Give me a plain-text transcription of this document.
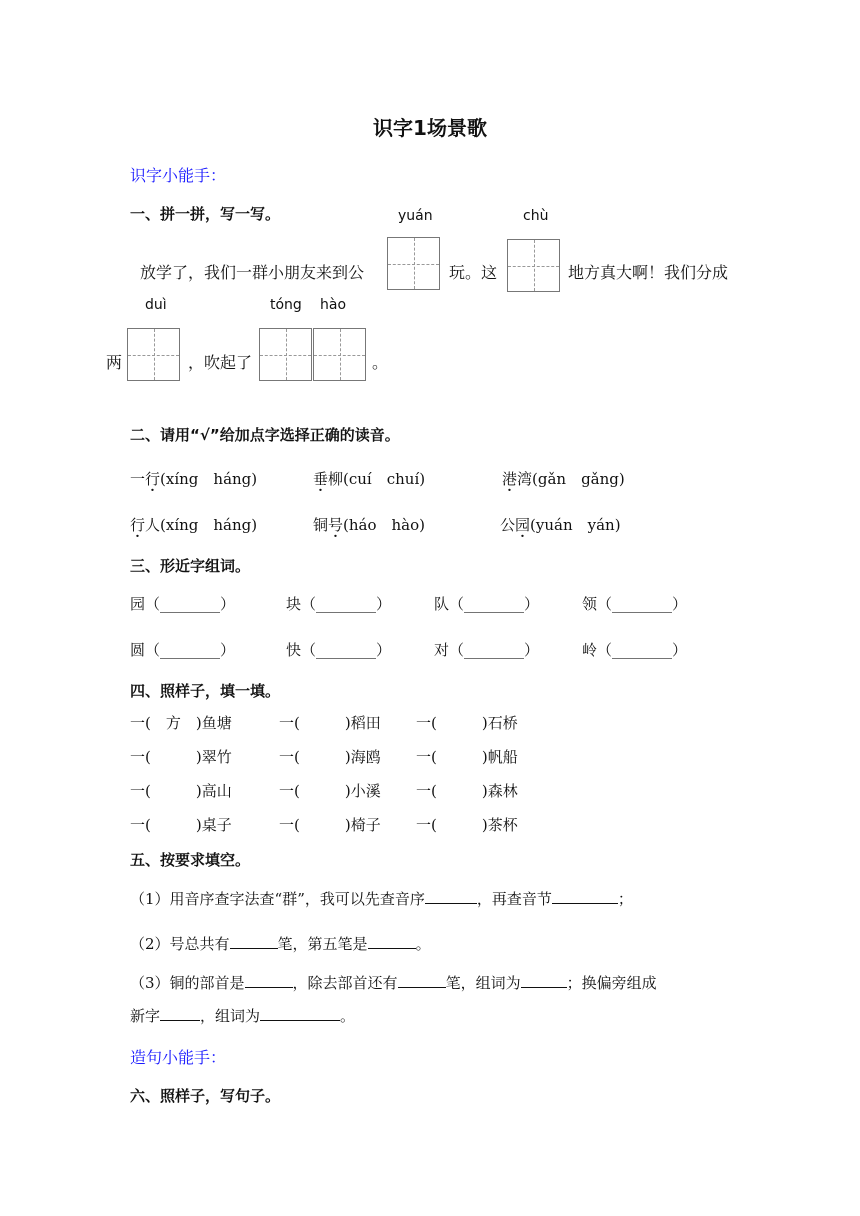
识字1场景歌
识字小能手：
一、拼一拼，写一写。	yuán	chù
放学了，我们一群小朋友来到公	玩。这	地方真大啊！我们分成
duì	tóng hào
两	，吹起了	。
二、请用“√”给加点字选择正确的读音。
一行(xíng　háng)	垂柳(cuí　chuí)	港湾(gǎn　gǎng)
行人(xíng　háng)	铜号(háo　hào)	公园(yuán　yán)
三、形近字组词。
园（________）	块（________）	队（________）	领（________）
圆（________）	快（________）	对（________）	岭（________）
四、照样子，填一填。
一(　方　)鱼塘	一(　　　)稻田 一(　　　)石桥
一(　　　)翠竹	一(　　　)海鸥 一(　　　)帆船
一(　　　)高山	一(　　　)小溪 一(　　　)森林
一(　　　)桌子	一(　　　)椅子 一(　　　)茶杯
五、按要求填空。
（1）用音序查字法查“群”，我可以先查音序	，再查音节	；
（2）号总共有	笔，第五笔是	。
（3）铜的部首是	，除去部首还有	笔，组词为	；换偏旁组成
新字	，组词为	。
造句小能手：
六、照样子，写句子。
